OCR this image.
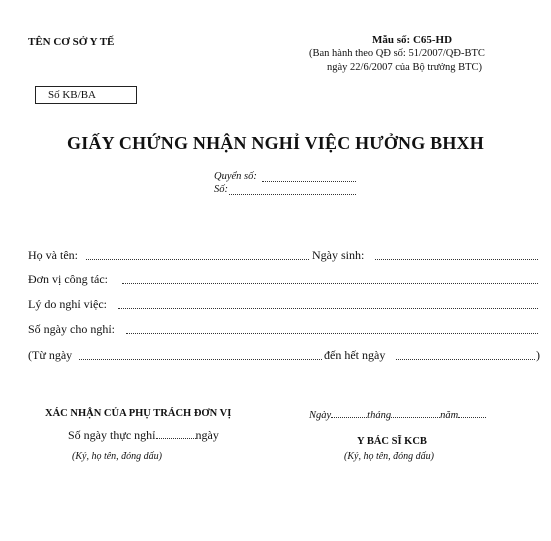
TÊN CƠ SỞ Y TẾ	Mẫu số: C65-HD
(Ban hành theo QĐ số: 51/2007/QĐ-BTC
ngày 22/6/2007 của Bộ trưởng BTC)
Số KB/BA
GIẤY CHỨNG NHẬN NGHỈ VIỆC HƯỞNG BHXH
Quyển số:
Số:
Họ và tên:	Ngày sinh:
Đơn vị công tác:
Lý do nghỉ việc:
Số ngày cho nghỉ:
(Từ ngày	đến hết ngày	)
XÁC NHẬN CỦA PHỤ TRÁCH ĐƠN VỊ
Số ngày thực nghỉ	ngày
(Ký, họ tên, đóng dấu)
Ngày	tháng	năm
Y BÁC SĨ KCB
(Ký, họ tên, đóng dấu)
